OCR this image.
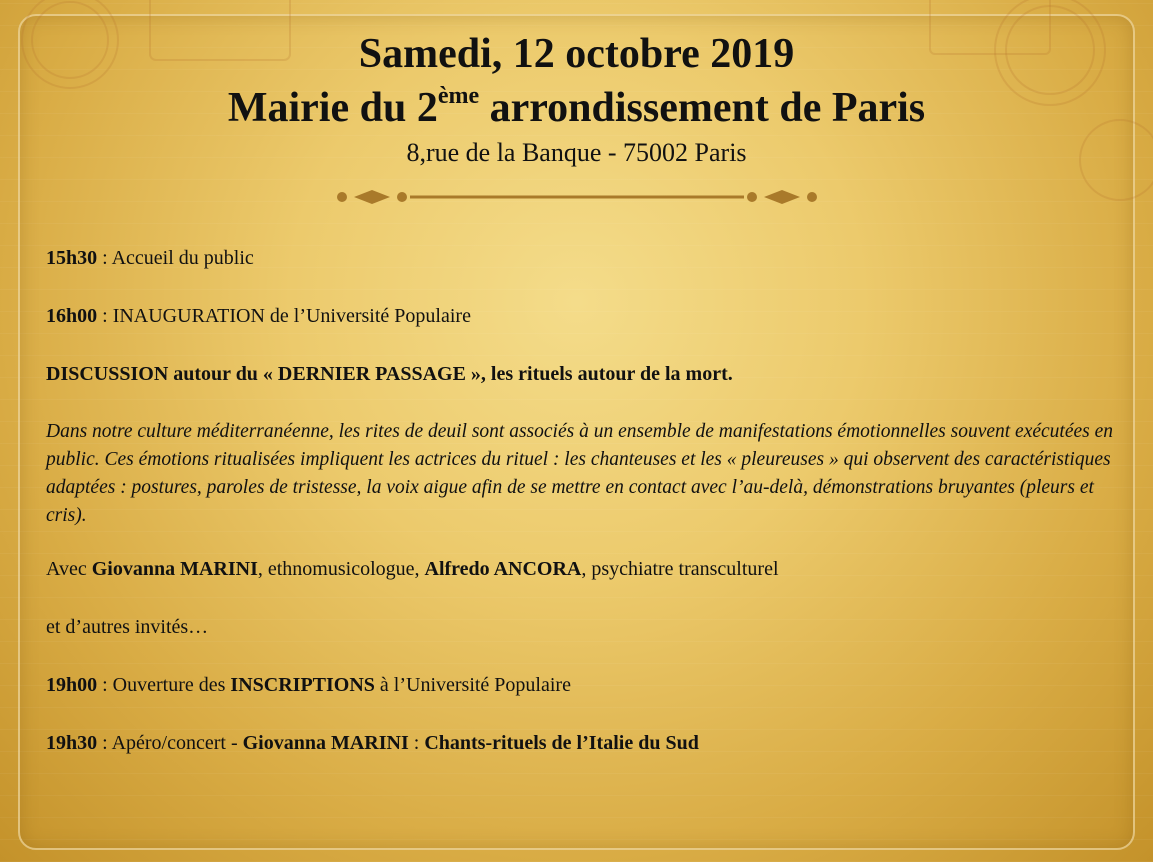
Samedi, 12 octobre 2019

Mairie du 2ème arrondissement de Paris

8,rue de la Banque - 75002 Paris

15h30 : Accueil du public

16h00 : INAUGURATION de l’Université Populaire

DISCUSSION autour du « DERNIER PASSAGE », les rituels autour de la mort.

Dans notre culture méditerranéenne, les rites de deuil sont associés à un ensemble de manifestations émotionnelles souvent exécutées en public. Ces émotions ritualisées impliquent les actrices du rituel : les chanteuses et les « pleureuses » qui observent des caractéristiques adaptées : postures, paroles de tristesse, la voix aigue afin de se mettre en contact avec l’au-delà, démonstrations bruyantes (pleurs et cris).

Avec Giovanna MARINI, ethnomusicologue, Alfredo ANCORA, psychiatre transculturel

et d’autres invités…

19h00 : Ouverture des INSCRIPTIONS à l’Université Populaire

19h30 : Apéro/concert - Giovanna MARINI : Chants-rituels de l’Italie du Sud
